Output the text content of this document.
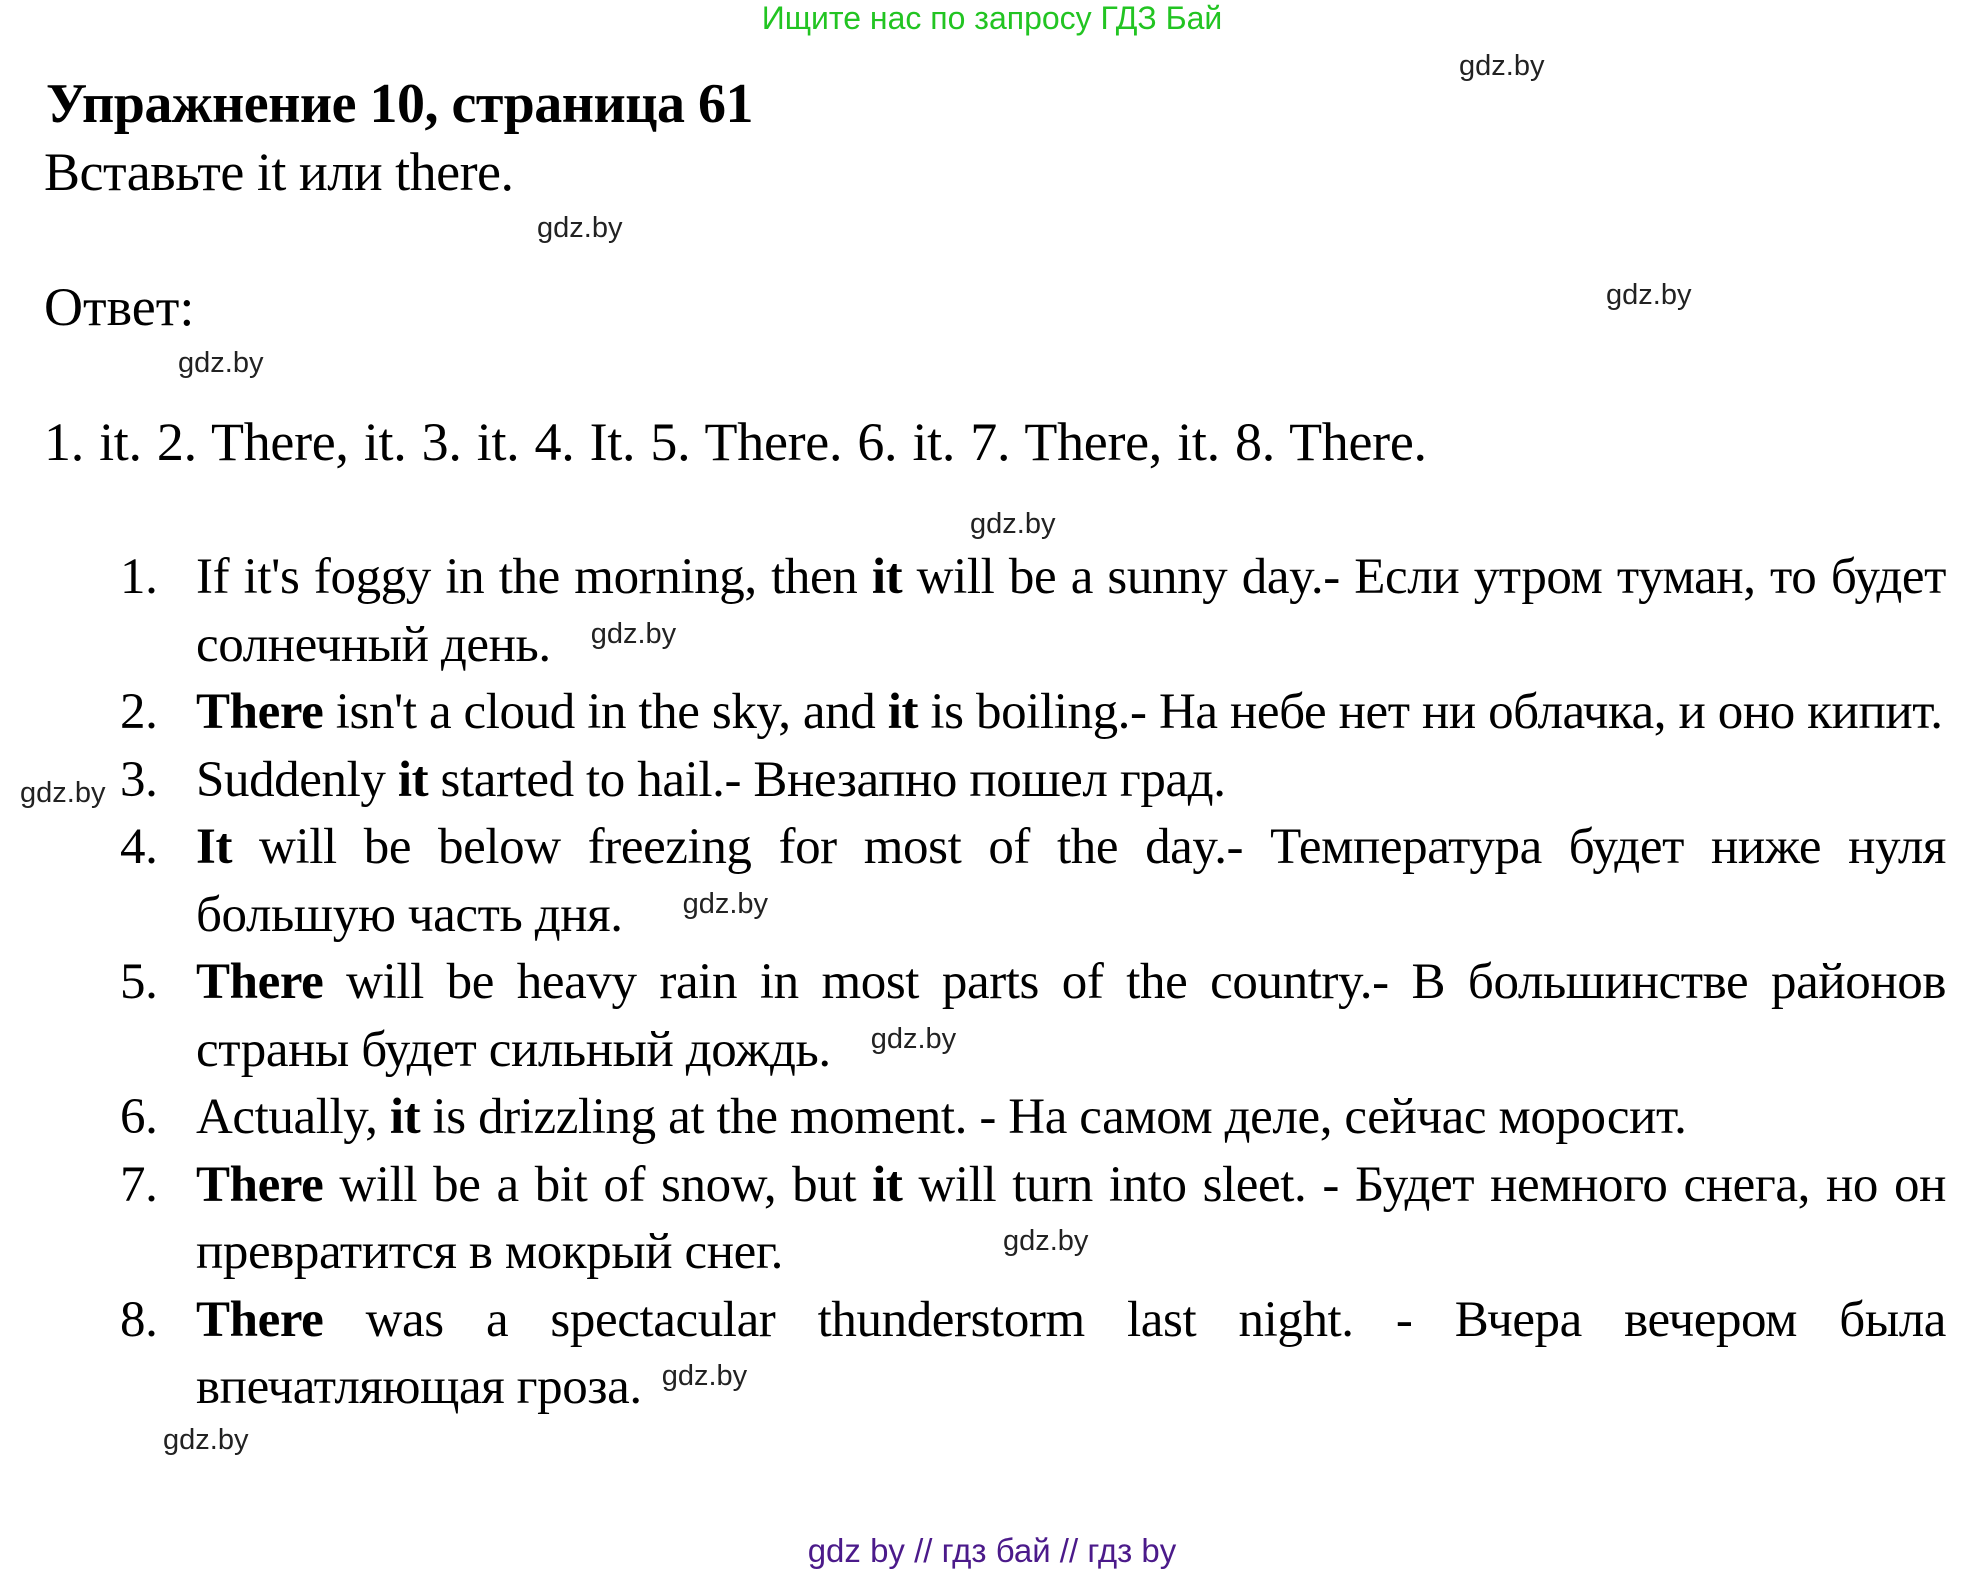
Ищите нас по запросу ГДЗ Бай
Упражнение 10, страница 61
Вставьте it или there.
Ответ:
1. it. 2. There, it. 3. it. 4. It. 5. There. 6. it. 7. There, it. 8. There.
1. If it's foggy in the morning, then it will be a sunny day.- Если утром туман, то будет солнечный день. $^{gdz.by}$
2. There isn't a cloud in the sky, and it is boiling.- На небе нет ни облачка, и оно кипит.
3. Suddenly it started to hail.- Внезапно пошел град.
4. It will be below freezing for most of the day.- Температура будет ниже нуля большую часть дня. $^{gdz.by}$
5. There will be heavy rain in most parts of the country.- В большинстве районов страны будет сильный дождь. $^{gdz.by}$
6. Actually, it is drizzling at the moment. - На самом деле, сейчас моросит.
7. There will be a bit of snow, but it will turn into sleet. - Будет немного снега, но он превратится в мокрый снег.	$^{gdz.by}$
8. There was a spectacular thunderstorm last night. - Вчера вечером была впечатляющая гроза. $^{gdz.by}$
gdz.by
gdz.by
gdz.by
gdz.by
gdz.by
gdz.by
gdz.by
gdz by // гдз бай // гдз by
